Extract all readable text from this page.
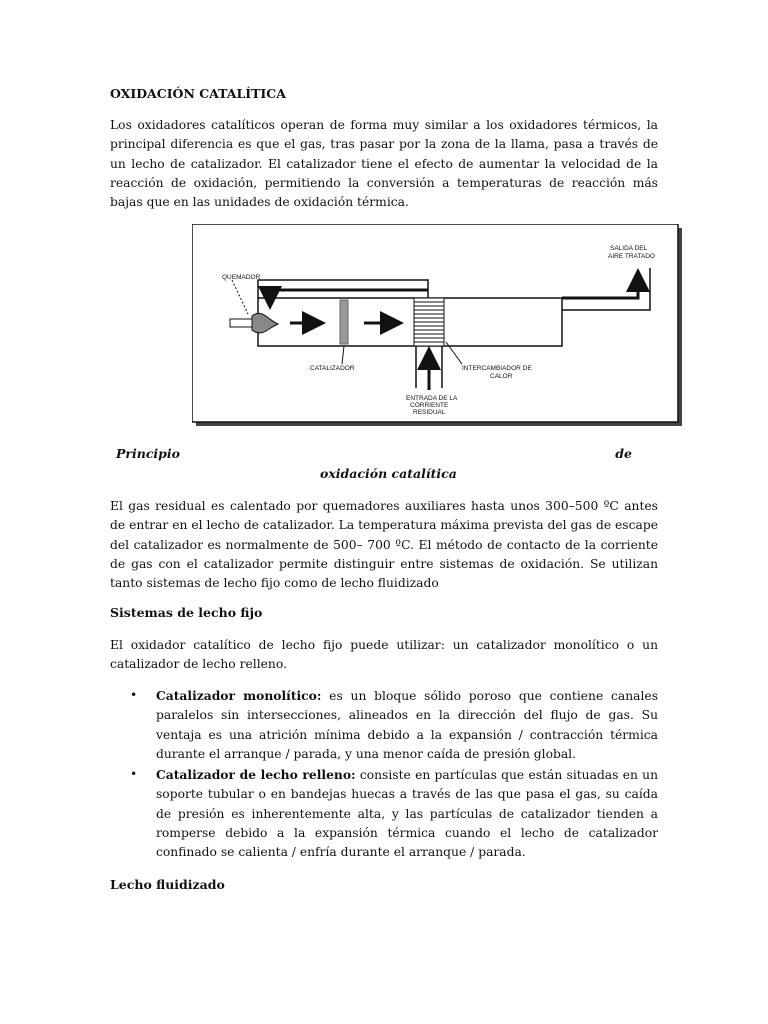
OXIDACIÓN CATALÍTICA

Los oxidadores catalíticos operan de forma muy similar a los oxidadores térmicos, la principal diferencia es que el gas, tras pasar por la zona de la llama, pasa a través de un lecho de catalizador. El catalizador tiene el efecto de aumentar la velocidad de la reacción de oxidación, permitiendo la conversión a temperaturas de reacción más bajas que en las unidades de oxidación térmica.

QUEMADOR
SALIDA DEL
AIRE TRATADO
CATALIZADOR	INTERCAMBIADOR DE
CALOR
ENTRADA DE LA
CORRIENTE
RESIDUAL
Principio	de
oxidación catalítica

El gas residual es calentado por quemadores auxiliares hasta unos 300–500 ºC antes de entrar en el lecho de catalizador. La temperatura máxima prevista del gas de escape del catalizador es normalmente de 500– 700 ºC. El método de contacto de la corriente de gas con el catalizador permite distinguir entre sistemas de oxidación. Se utilizan tanto sistemas de lecho fijo como de lecho fluidizado

Sistemas de lecho fijo

El oxidador catalítico de lecho fijo puede utilizar: un catalizador monolítico o un catalizador de lecho relleno.

• Catalizador monolítico: es un bloque sólido poroso que contiene canales paralelos sin intersecciones, alineados en la dirección del flujo de gas. Su ventaja es una atrición mínima debido a la expansión / contracción térmica durante el arranque / parada, y una menor caída de presión global.
• Catalizador de lecho relleno: consiste en partículas que están situadas en un soporte tubular o en bandejas huecas a través de las que pasa el gas, su caída de presión es inherentemente alta, y las partículas de catalizador tienden a romperse debido a la expansión térmica cuando el lecho de catalizador confinado se calienta / enfría durante el arranque / parada.
Lecho fluidizado
